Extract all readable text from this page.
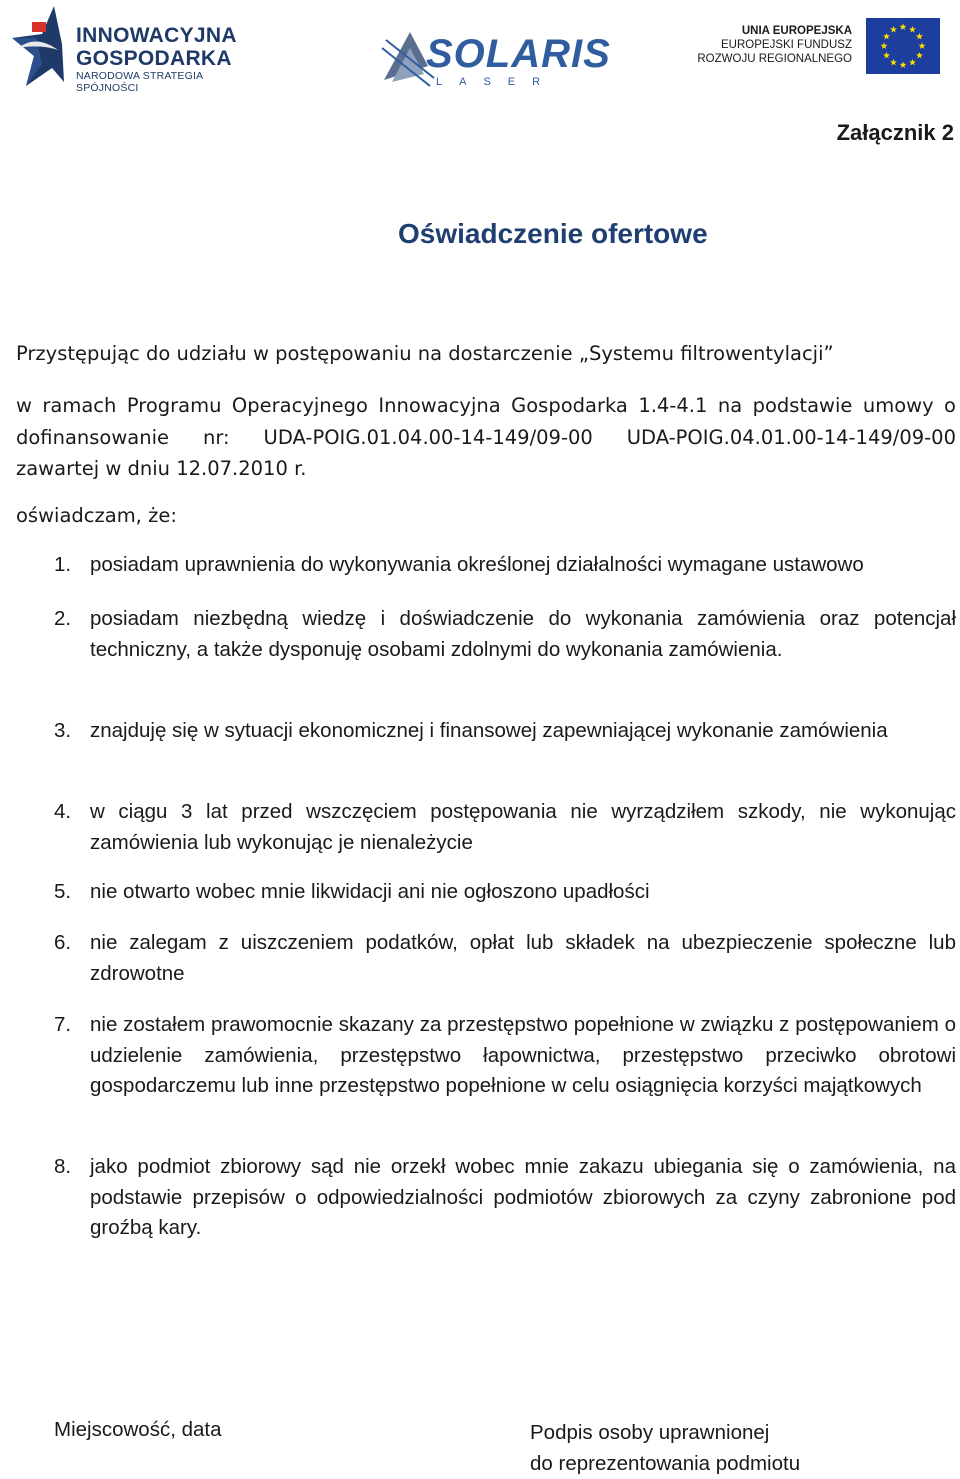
INNOWACYJNA
GOSPODARKA
NARODOWA STRATEGIA SPÓJNOŚCI
SOLARIS
LASER
UNIA EUROPEJSKA
EUROPEJSKI FUNDUSZ
ROZWOJU REGIONALNEGO
Załącznik 2
Oświadczenie ofertowe
Przystępując do udziału w postępowaniu na dostarczenie „Systemu filtrowentylacji”
w ramach Programu Operacyjnego Innowacyjna Gospodarka 1.4-4.1 na podstawie umowy o dofinansowanie nr: UDA-POIG.01.04.00-14-149/09-00 UDA-POIG.04.01.00-14-149/09-00 zawartej w dniu 12.07.2010 r.
oświadczam, że:
1. posiadam uprawnienia do wykonywania określonej działalności wymagane ustawowo
2. posiadam niezbędną wiedzę i doświadczenie do wykonania zamówienia oraz potencjał techniczny, a także dysponuję osobami zdolnymi do wykonania zamówienia.
3. znajduję się w sytuacji ekonomicznej i finansowej zapewniającej wykonanie zamówienia
4. w ciągu 3 lat przed wszczęciem postępowania nie wyrządziłem szkody, nie wykonując zamówienia lub wykonując je nienależycie
5. nie otwarto wobec mnie likwidacji ani nie ogłoszono upadłości
6. nie zalegam z uiszczeniem podatków, opłat lub składek na ubezpieczenie społeczne lub zdrowotne
7. nie zostałem prawomocnie skazany za przestępstwo popełnione w związku z postępowaniem o udzielenie zamówienia, przestępstwo łapownictwa, przestępstwo przeciwko obrotowi gospodarczemu lub inne przestępstwo popełnione w celu osiągnięcia korzyści majątkowych
8. jako podmiot zbiorowy sąd nie orzekł wobec mnie zakazu ubiegania się o zamówienia, na podstawie przepisów o odpowiedzialności podmiotów zbiorowych za czyny zabronione pod groźbą kary.
Miejscowość, data	Podpis osoby uprawnionej
do reprezentowania podmiotu
